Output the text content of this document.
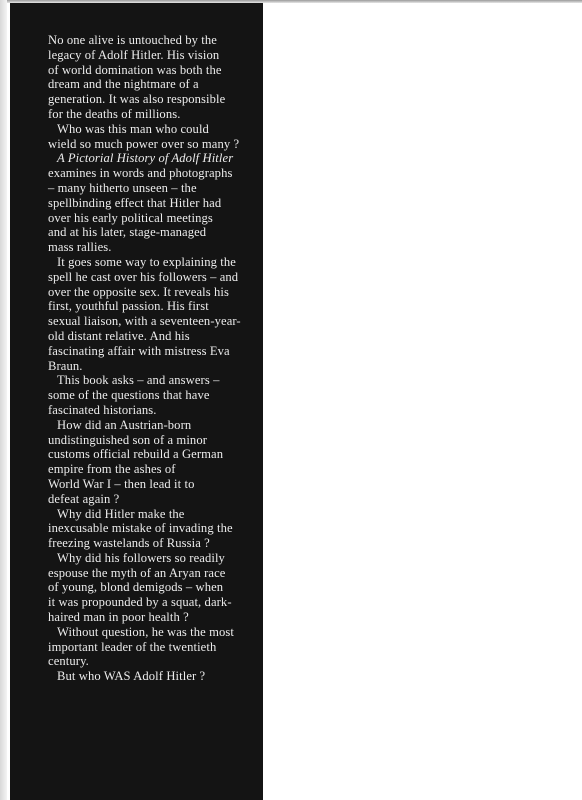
No one alive is untouched by the
legacy of Adolf Hitler. His vision
of world domination was both the
dream and the nightmare of a
generation. It was also responsible
for the deaths of millions.

Who was this man who could
wield so much power over so many ?

A Pictorial History of Adolf Hitler
examines in words and photographs
– many hitherto unseen – the
spellbinding effect that Hitler had
over his early political meetings
and at his later, stage-managed
mass rallies.

It goes some way to explaining the
spell he cast over his followers – and
over the opposite sex. It reveals his
first, youthful passion. His first
sexual liaison, with a seventeen-year-
old distant relative. And his
fascinating affair with mistress Eva
Braun.

This book asks – and answers –
some of the questions that have
fascinated historians.

How did an Austrian-born
undistinguished son of a minor
customs official rebuild a German
empire from the ashes of
World War I – then lead it to
defeat again ?

Why did Hitler make the
inexcusable mistake of invading the
freezing wastelands of Russia ?

Why did his followers so readily
espouse the myth of an Aryan race
of young, blond demigods – when
it was propounded by a squat, dark-
haired man in poor health ?

Without question, he was the most
important leader of the twentieth
century.

But who WAS Adolf Hitler ?
